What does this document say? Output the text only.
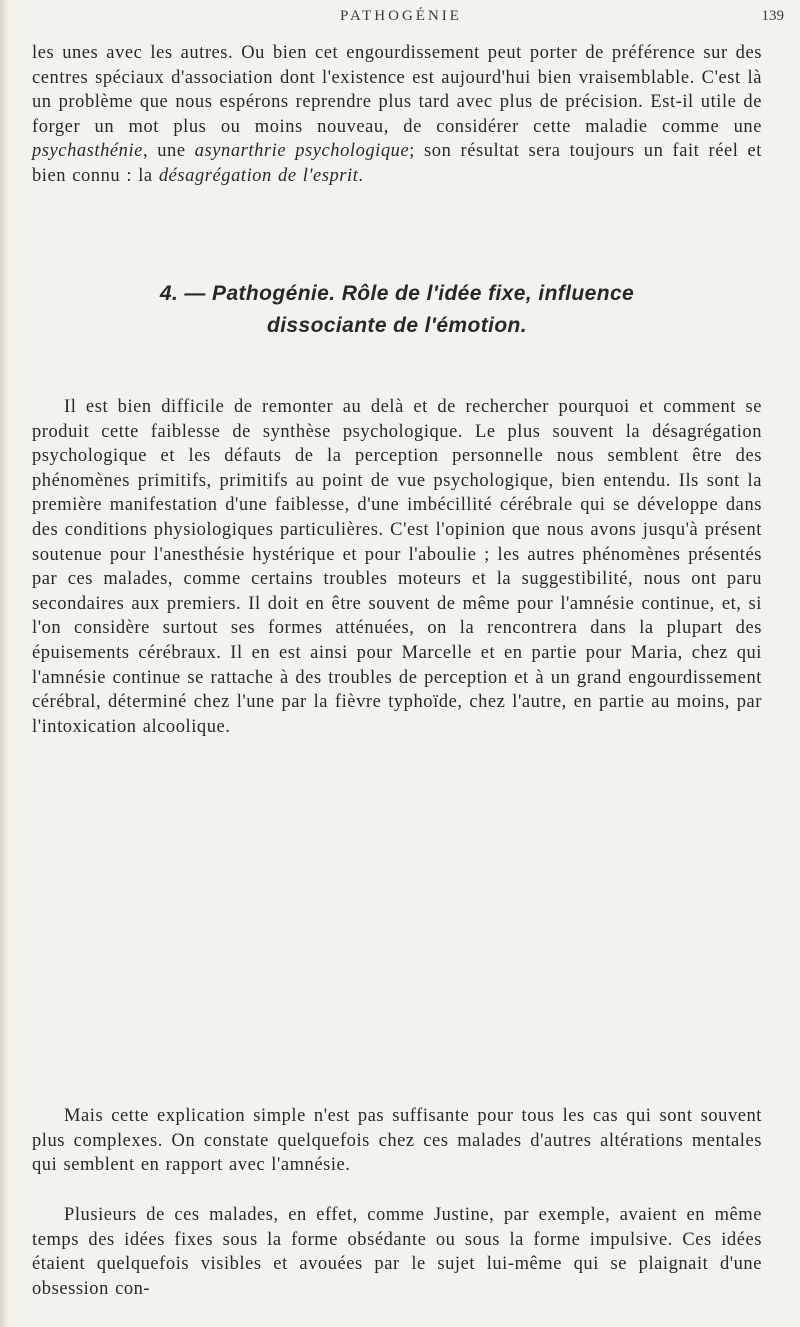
PATHOGÉNIE	139

les unes avec les autres. Ou bien cet engourdissement peut porter de préférence sur des centres spéciaux d'association dont l'existence est aujourd'hui bien vraisemblable. C'est là un problème que nous espérons reprendre plus tard avec plus de précision. Est-il utile de forger un mot plus ou moins nouveau, de considérer cette maladie comme une psychasthénie, une asynarthrie psychologique; son résultat sera toujours un fait réel et bien connu : la désagrégation de l'esprit.

4. — Pathogénie. Rôle de l'idée fixe, influence
dissociante de l'émotion.

Il est bien difficile de remonter au delà et de rechercher pourquoi et comment se produit cette faiblesse de synthèse psychologique. Le plus souvent la désagrégation psychologique et les défauts de la perception personnelle nous semblent être des phénomènes primitifs, primitifs au point de vue psychologique, bien entendu. Ils sont la première manifestation d'une faiblesse, d'une imbécillité cérébrale qui se développe dans des conditions physiologiques particulières. C'est l'opinion que nous avons jusqu'à présent soutenue pour l'anesthésie hystérique et pour l'aboulie ; les autres phénomènes présentés par ces malades, comme certains troubles moteurs et la suggestibilité, nous ont paru secondaires aux premiers. Il doit en être souvent de même pour l'amnésie continue, et, si l'on considère surtout ses formes atténuées, on la rencontrera dans la plupart des épuisements cérébraux. Il en est ainsi pour Marcelle et en partie pour Maria, chez qui l'amnésie continue se rattache à des troubles de perception et à un grand engourdissement cérébral, déterminé chez l'une par la fièvre typhoïde, chez l'autre, en partie au moins, par l'intoxication alcoolique.

Mais cette explication simple n'est pas suffisante pour tous les cas qui sont souvent plus complexes. On constate quelquefois chez ces malades d'autres altérations mentales qui semblent en rapport avec l'amnésie.

Plusieurs de ces malades, en effet, comme Justine, par exemple, avaient en même temps des idées fixes sous la forme obsédante ou sous la forme impulsive. Ces idées étaient quelquefois visibles et avouées par le sujet lui-même qui se plaignait d'une obsession con-
